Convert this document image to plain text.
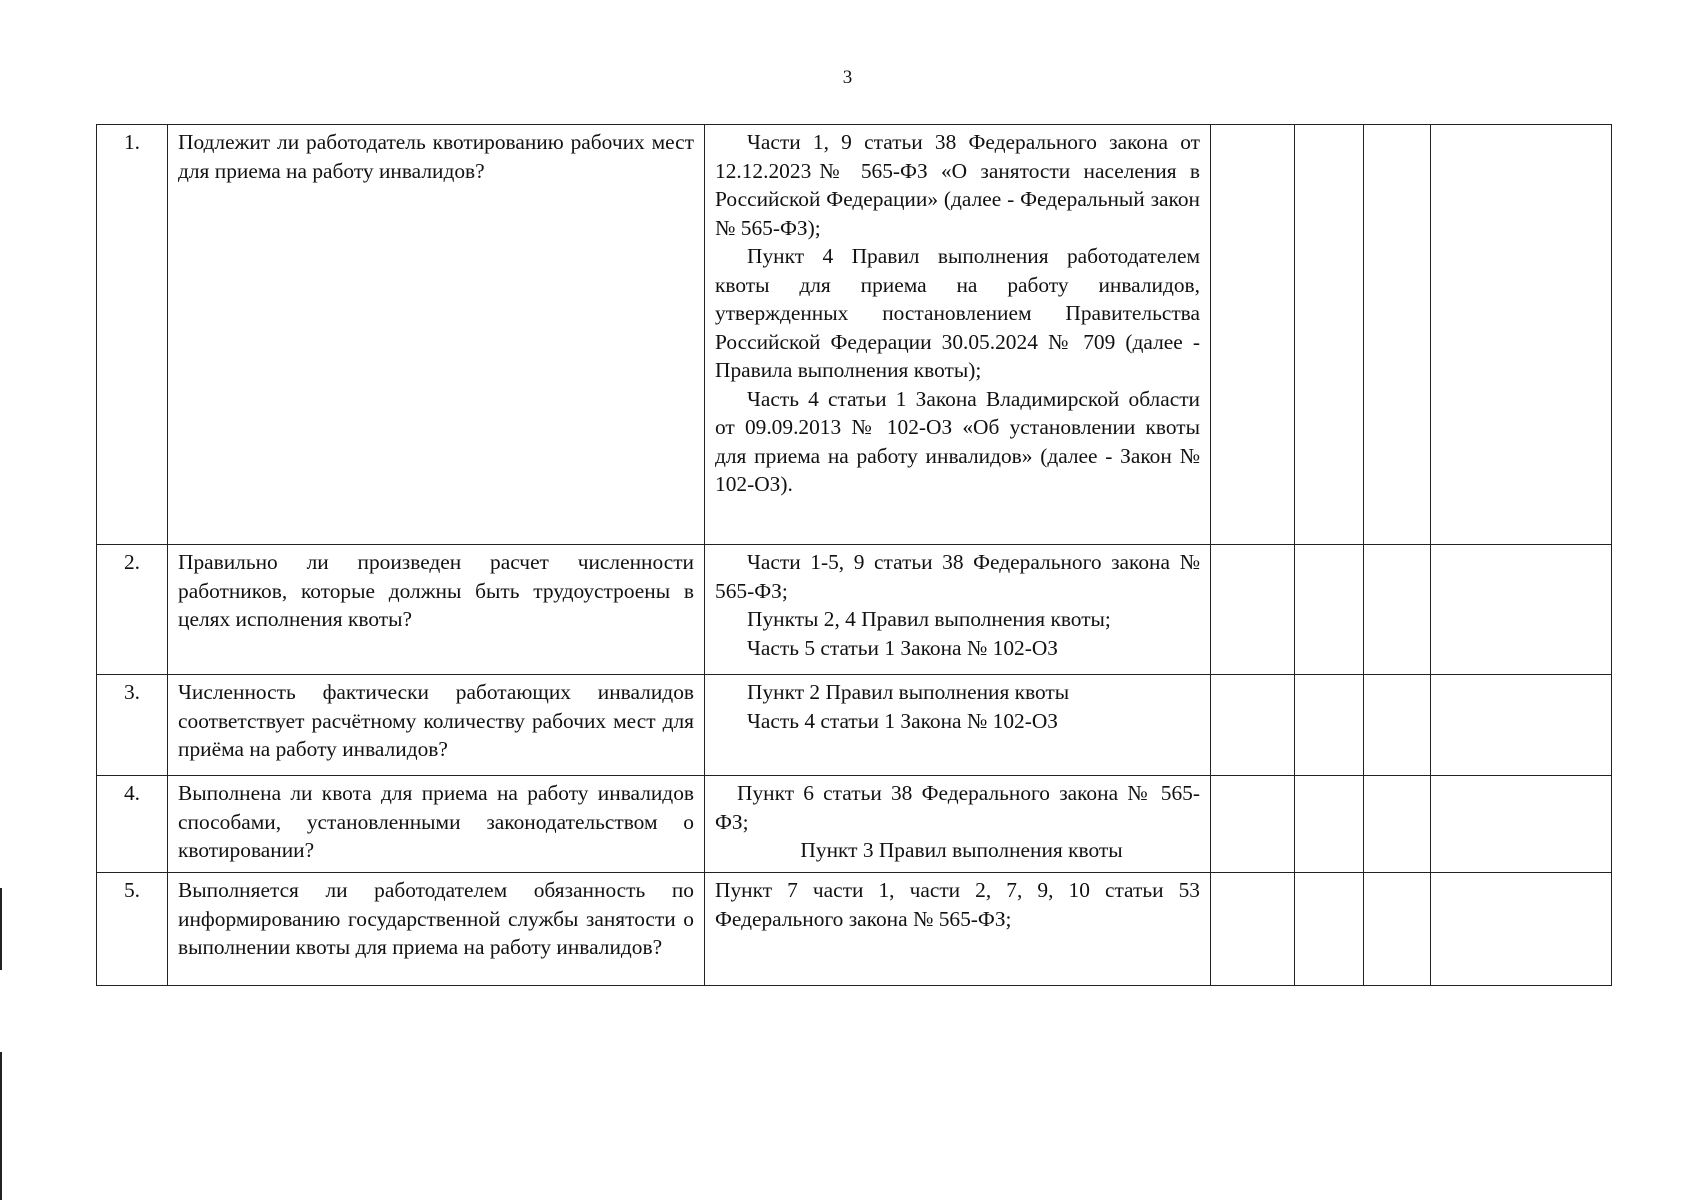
3
1.	Подлежит ли работодатель квотированию рабочих мест для приема на работу инвалидов?	Части 1, 9 статьи 38 Федерального закона от 12.12.2023№ 565-ФЗ «О занятости населения в Российской Федерации» (далее - Федеральный закон № 565-ФЗ);

Пункт 4 Правил выполнения работодателем квоты для приема на работу инвалидов, утвержденных постановлением Правительства Российской Федерации 30.05.2024 № 709 (далее - Правила выполнения квоты);

Часть 4 статьи 1 Закона Владимирской области от 09.09.2013 № 102-ОЗ «Об установлении квоты для приема на работу инвалидов» (далее - Закон № 102-ОЗ).				

2.	Правильно ли произведен расчет численности работников, которые должны быть трудоустроены в целях исполнения квоты?	Части 1-5, 9 статьи 38 Федерального закона № 565-ФЗ;

Пункты 2, 4 Правил выполнения квоты;

Часть 5 статьи 1 Закона № 102-ОЗ				

3.	Численность фактически работающих инвалидов соответствует расчётному количеству рабочих мест для приёма на работу инвалидов?	Пункт 2 Правил выполнения квоты

Часть 4 статьи 1 Закона № 102-ОЗ				

4.	Выполнена ли квота для приема на работу инвалидов способами, установленными законодательством о квотировании?	Пункт 6 статьи 38 Федерального закона № 565-ФЗ;

Пункт 3 Правил выполнения квоты				

5.	Выполняется ли работодателем обязанность по информированию государственной службы занятости о выполнении квоты для приема на работу инвалидов?	Пункт 7 части 1, части 2, 7, 9, 10 статьи 53 Федерального закона № 565-ФЗ;				
